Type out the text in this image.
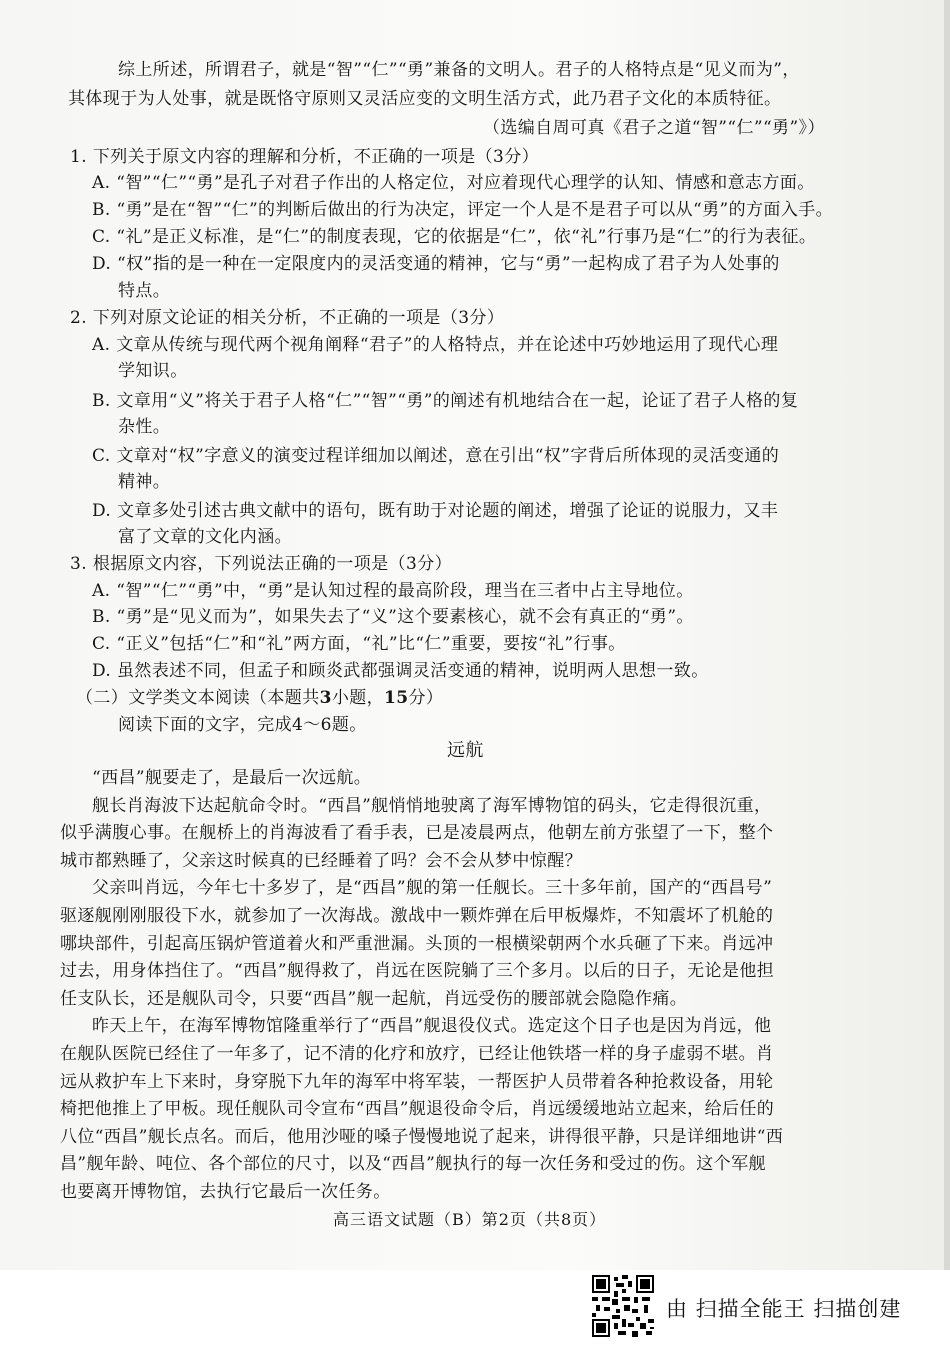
综上所述，所谓君子，就是“智”“仁”“勇”兼备的文明人。君子的人格特点是“见义而为”，
其体现于为人处事，就是既恪守原则又灵活应变的文明生活方式，此乃君子文化的本质特征。
（选编自周可真《君子之道“智”“仁”“勇”》）
1. 下列关于原文内容的理解和分析，不正确的一项是（3分）
A. “智”“仁”“勇”是孔子对君子作出的人格定位，对应着现代心理学的认知、情感和意志方面。
B. “勇”是在“智”“仁”的判断后做出的行为决定，评定一个人是不是君子可以从“勇”的方面入手。
C. “礼”是正义标准，是“仁”的制度表现，它的依据是“仁”，依“礼”行事乃是“仁”的行为表征。
D. “权”指的是一种在一定限度内的灵活变通的精神，它与“勇”一起构成了君子为人处事的
特点。
2. 下列对原文论证的相关分析，不正确的一项是（3分）
A. 文章从传统与现代两个视角阐释“君子”的人格特点，并在论述中巧妙地运用了现代心理
学知识。
B. 文章用“义”将关于君子人格“仁”“智”“勇”的阐述有机地结合在一起，论证了君子人格的复
杂性。
C. 文章对“权”字意义的演变过程详细加以阐述，意在引出“权”字背后所体现的灵活变通的
精神。
D. 文章多处引述古典文献中的语句，既有助于对论题的阐述，增强了论证的说服力，又丰
富了文章的文化内涵。
3. 根据原文内容，下列说法正确的一项是（3分）
A. “智”“仁”“勇”中，“勇”是认知过程的最高阶段，理当在三者中占主导地位。
B. “勇”是“见义而为”，如果失去了“义”这个要素核心，就不会有真正的“勇”。
C. “正义”包括“仁”和“礼”两方面，“礼”比“仁”重要，要按“礼”行事。
D. 虽然表述不同，但孟子和顾炎武都强调灵活变通的精神，说明两人思想一致。
（二）文学类文本阅读（本题共3小题，15分）
阅读下面的文字，完成4～6题。
远航
“西昌”舰要走了，是最后一次远航。
舰长肖海波下达起航命令时。“西昌”舰悄悄地驶离了海军博物馆的码头，它走得很沉重，
似乎满腹心事。在舰桥上的肖海波看了看手表，已是凌晨两点，他朝左前方张望了一下，整个
城市都熟睡了，父亲这时候真的已经睡着了吗？会不会从梦中惊醒？
父亲叫肖远，今年七十多岁了，是“西昌”舰的第一任舰长。三十多年前，国产的“西昌号”
驱逐舰刚刚服役下水，就参加了一次海战。激战中一颗炸弹在后甲板爆炸，不知震坏了机舱的
哪块部件，引起高压锅炉管道着火和严重泄漏。头顶的一根横梁朝两个水兵砸了下来。肖远冲
过去，用身体挡住了。“西昌”舰得救了，肖远在医院躺了三个多月。以后的日子，无论是他担
任支队长，还是舰队司令，只要“西昌”舰一起航，肖远受伤的腰部就会隐隐作痛。
昨天上午，在海军博物馆隆重举行了“西昌”舰退役仪式。选定这个日子也是因为肖远，他
在舰队医院已经住了一年多了，记不清的化疗和放疗，已经让他铁塔一样的身子虚弱不堪。肖
远从救护车上下来时，身穿脱下九年的海军中将军装，一帮医护人员带着各种抢救设备，用轮
椅把他推上了甲板。现任舰队司令宣布“西昌”舰退役命令后，肖远缓缓地站立起来，给后任的
八位“西昌”舰长点名。而后，他用沙哑的嗓子慢慢地说了起来，讲得很平静，只是详细地讲“西
昌”舰年龄、吨位、各个部位的尺寸，以及“西昌”舰执行的每一次任务和受过的伤。这个军舰
也要离开博物馆，去执行它最后一次任务。
高三语文试题（B）第2页（共8页）
由 扫描全能王 扫描创建
